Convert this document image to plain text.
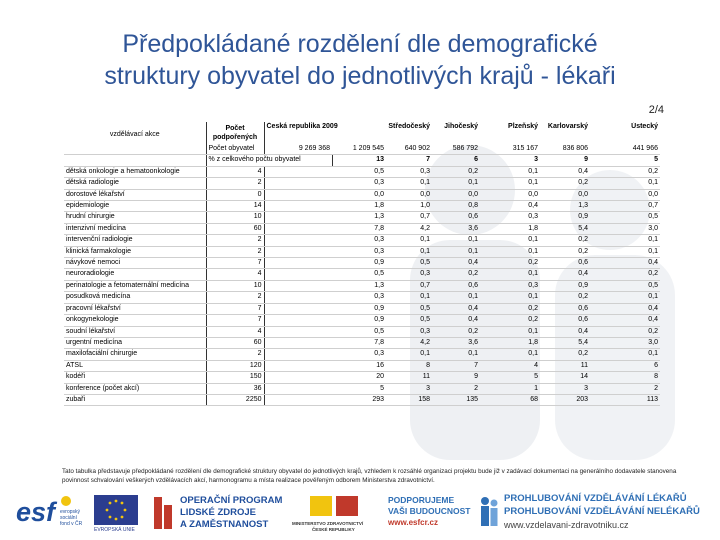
Předpokládané rozdělení dle demografické
struktury obyvatel do jednotlivých krajů - lékaři
2/4
vzdělávací akce	Počet podpořených	Česká republika 2009		Středočeský	Jihočeský	Plzeňský	Karlovarský	Ústecký	
	Počet obyvatel	9 269 368	1 209 545	640 902	586 792	315 167	836 806	441 966	
	% z celkového počtu obyvatel		13	7	6	3	9	5	
dětská onkologie a hematoonkologie	4		0,5	0,3	0,2	0,1	0,4	0,2	
dětská radiologie	2		0,3	0,1	0,1	0,1	0,2	0,1	
dorostové lékařství	0		0,0	0,0	0,0	0,0	0,0	0,0	
epidemiologie	14		1,8	1,0	0,8	0,4	1,3	0,7	
hrudní chirurgie	10		1,3	0,7	0,6	0,3	0,9	0,5	
intenzivní medicína	60		7,8	4,2	3,6	1,8	5,4	3,0	
intervenční radiologie	2		0,3	0,1	0,1	0,1	0,2	0,1	
klinická farmakologie	2		0,3	0,1	0,1	0,1	0,2	0,1	
návykové nemoci	7		0,9	0,5	0,4	0,2	0,6	0,4	
neuroradiologie	4		0,5	0,3	0,2	0,1	0,4	0,2	
perinatologie a fetomaternální medicína	10		1,3	0,7	0,6	0,3	0,9	0,5	
posudková medicína	2		0,3	0,1	0,1	0,1	0,2	0,1	
pracovní lékařství	7		0,9	0,5	0,4	0,2	0,6	0,4	
onkogynekologie	7		0,9	0,5	0,4	0,2	0,6	0,4	
soudní lékařství	4		0,5	0,3	0,2	0,1	0,4	0,2	
urgentní medicína	60		7,8	4,2	3,6	1,8	5,4	3,0	
maxilofaciální chirurgie	2		0,3	0,1	0,1	0,1	0,2	0,1	
ATSL	120		16	8	7	4	11	6	
kodéři	150		20	11	9	5	14	8	
konference (počet akcí)	36		5	3	2	1	3	2	
zubaři	2250		293	158	135	68	203	113	
Tato tabulka představuje předpokládané rozdělení dle demografické struktury obyvatel do jednotlivých krajů, vzhledem k rozsáhlé organizaci projektu bude již v zadávací dokumentaci na generálního dodavatele stanovena povinnost schvalování veškerých vzdělávacích akcí, harmonogramu a místa realizace pověřeným odborem Ministerstva zdravotnictví.
esf evropský
sociální
fond v ČR
EVROPSKÁ UNIE
OPERAČNÍ PROGRAM
LIDSKÉ ZDROJE
A ZAMĚSTNANOST	MINISTERSTVO ZDRAVOTNICTVÍ
ČESKÉ REPUBLIKY
PODPORUJEME
VAŠI BUDOUCNOST
www.esfcr.cz
PROHLUBOVÁNÍ VZDĚLÁVÁNÍ LÉKAŘŮ
PROHLUBOVÁNÍ VZDĚLÁVÁNÍ NELÉKAŘŮ
www.vzdelavani-zdravotniku.cz
